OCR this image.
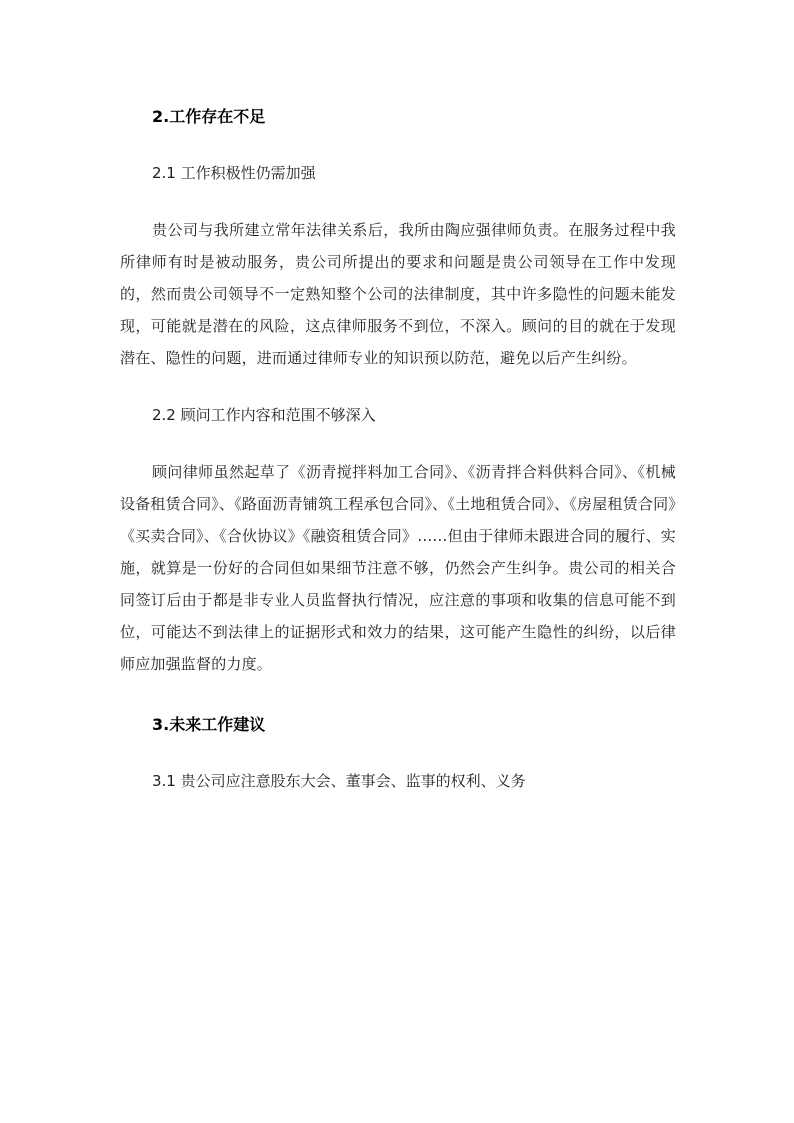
2.工作存在不足
2.1 工作积极性仍需加强

贵公司与我所建立常年法律关系后，我所由陶应强律师负责。在服务过程中我所律师有时是被动服务，贵公司所提出的要求和问题是贵公司领导在工作中发现的，然而贵公司领导不一定熟知整个公司的法律制度，其中许多隐性的问题未能发现，可能就是潜在的风险，这点律师服务不到位，不深入。顾问的目的就在于发现潜在、隐性的问题，进而通过律师专业的知识预以防范，避免以后产生纠纷。

2.2 顾问工作内容和范围不够深入

顾问律师虽然起草了《沥青搅拌料加工合同》、《沥青拌合料供料合同》、《机械设备租赁合同》、《路面沥青铺筑工程承包合同》、《土地租赁合同》、《房屋租赁合同》《买卖合同》、《合伙协议》《融资租赁合同》……但由于律师未跟进合同的履行、实施，就算是一份好的合同但如果细节注意不够，仍然会产生纠争。贵公司的相关合同签订后由于都是非专业人员监督执行情况，应注意的事项和收集的信息可能不到位，可能达不到法律上的证据形式和效力的结果，这可能产生隐性的纠纷，以后律师应加强监督的力度。

3.未来工作建议
3.1 贵公司应注意股东大会、董事会、监事的权利、义务
